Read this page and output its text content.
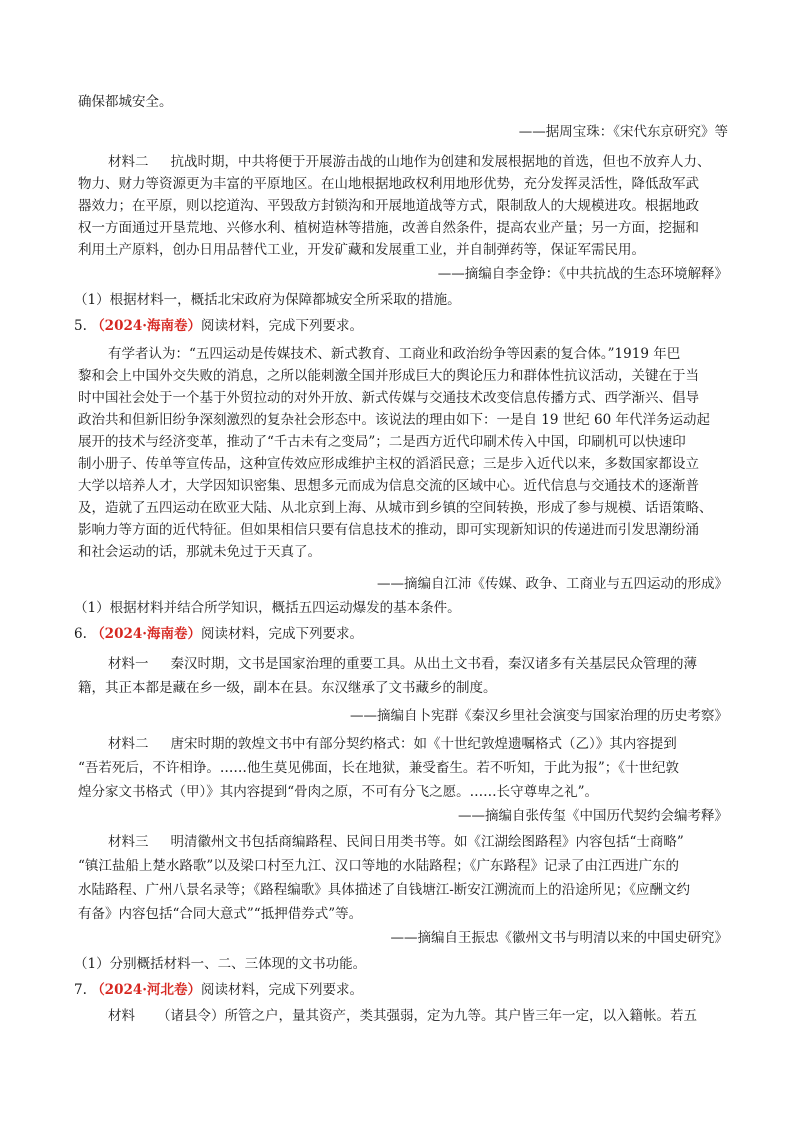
确保都城安全。
——据周宝珠：《宋代东京研究》等
材料二 抗战时期，中共将便于开展游击战的山地作为创建和发展根据地的首选，但也不放弃人力、
物力、财力等资源更为丰富的平原地区。在山地根据地政权利用地形优势，充分发挥灵活性，降低敌军武
器效力；在平原，则以挖道沟、平毁敌方封锁沟和开展地道战等方式，限制敌人的大规模进攻。根据地政
权一方面通过开垦荒地、兴修水利、植树造林等措施，改善自然条件，提高农业产量；另一方面，挖掘和
利用土产原料，创办日用品替代工业，开发矿藏和发展重工业，并自制弹药等，保证军需民用。
——摘编自李金铮：《中共抗战的生态环境解释》
（1）根据材料一，概括北宋政府为保障都城安全所采取的措施。
5. （2024·海南卷）阅读材料，完成下列要求。
有学者认为：“五四运动是传媒技术、新式教育、工商业和政治纷争等因素的复合体。”1919 年巴
黎和会上中国外交失败的消息，之所以能刺激全国并形成巨大的舆论压力和群体性抗议活动，关键在于当
时中国社会处于一个基于外贸拉动的对外开放、新式传媒与交通技术改变信息传播方式、西学渐兴、倡导
政治共和但新旧纷争深刻激烈的复杂社会形态中。该说法的理由如下：一是自 19 世纪 60 年代洋务运动起
展开的技术与经济变革，推动了“千古未有之变局”；二是西方近代印刷术传入中国，印刷机可以快速印
制小册子、传单等宣传品，这种宣传效应形成维护主权的滔滔民意；三是步入近代以来，多数国家都设立
大学以培养人才，大学因知识密集、思想多元而成为信息交流的区域中心。近代信息与交通技术的逐渐普
及，造就了五四运动在欧亚大陆、从北京到上海、从城市到乡镇的空间转换，形成了参与规模、话语策略、
影响力等方面的近代特征。但如果相信只要有信息技术的推动，即可实现新知识的传递进而引发思潮纷涌
和社会运动的话，那就未免过于天真了。
——摘编自江沛《传媒、政争、工商业与五四运动的形成》
（1）根据材料并结合所学知识，概括五四运动爆发的基本条件。
6. （2024·海南卷）阅读材料，完成下列要求。
材料一 秦汉时期，文书是国家治理的重要工具。从出土文书看，秦汉诸多有关基层民众管理的薄
籍，其正本都是藏在乡一级，副本在县。东汉继承了文书藏乡的制度。
——摘编自卜宪群《秦汉乡里社会演变与国家治理的历史考察》
材料二 唐宋时期的敦煌文书中有部分契约格式：如《十世纪敦煌遗嘱格式（乙）》其内容提到
“吾若死后，不许相诤。……他生莫见佛面，长在地狱，兼受畜生。若不听知，于此为报”；《十世纪敦
煌分家文书格式（甲）》其内容提到“骨肉之原，不可有分飞之愿。……长守尊卑之礼”。
——摘编自张传玺《中国历代契约会编考释》
材料三 明清徽州文书包括商编路程、民间日用类书等。如《江湖绘图路程》内容包括“士商略”
“镇江盐船上楚水路歌”以及梁口村至九江、汉口等地的水陆路程；《广东路程》记录了由江西进广东的
水陆路程、广州八景名录等；《路程编歌》具体描述了自钱塘江-断安江溯流而上的沿途所见；《应酬文约
有备》内容包括“合同大意式”“抵押借券式”等。
——摘编自王振忠《徽州文书与明清以来的中国史研究》
（1）分别概括材料一、二、三体现的文书功能。
7. （2024·河北卷）阅读材料，完成下列要求。
材料 （诸县令）所管之户，量其资产，类其强弱，定为九等。其户皆三年一定，以入籍帐。若五
